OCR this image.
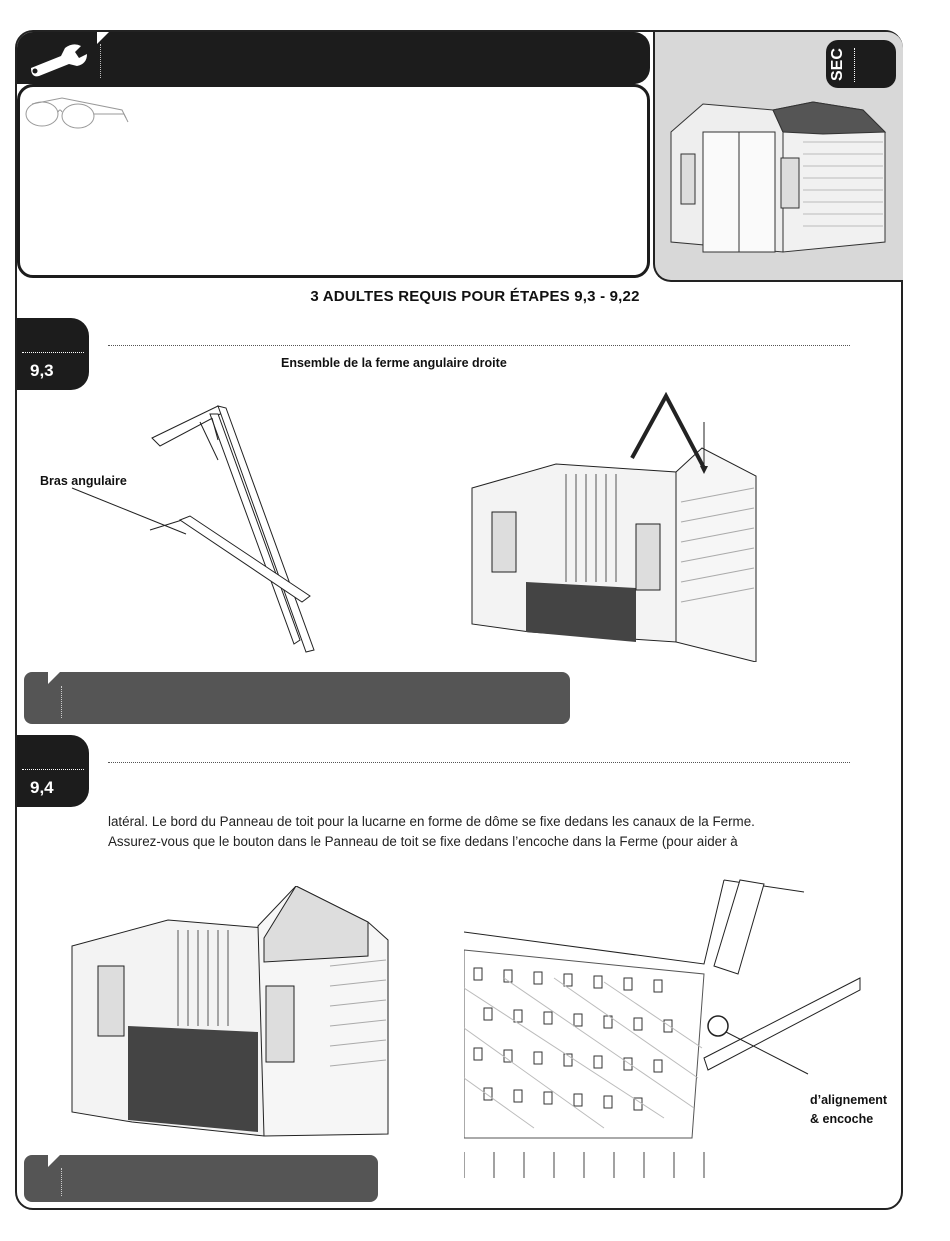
SEC
3 ADULTES REQUIS POUR ÉTAPES 9,3 - 9,22
9,3	Ensemble de la ferme angulaire droite
Bras angulaire
9,4
latéral. Le bord du Panneau de toit pour la lucarne en forme de dôme se fixe dedans les canaux de la Ferme.
Assurez-vous que le bouton dans le Panneau de toit se fixe dedans l’encoche dans la Ferme (pour aider à
d’alignement
& encoche
